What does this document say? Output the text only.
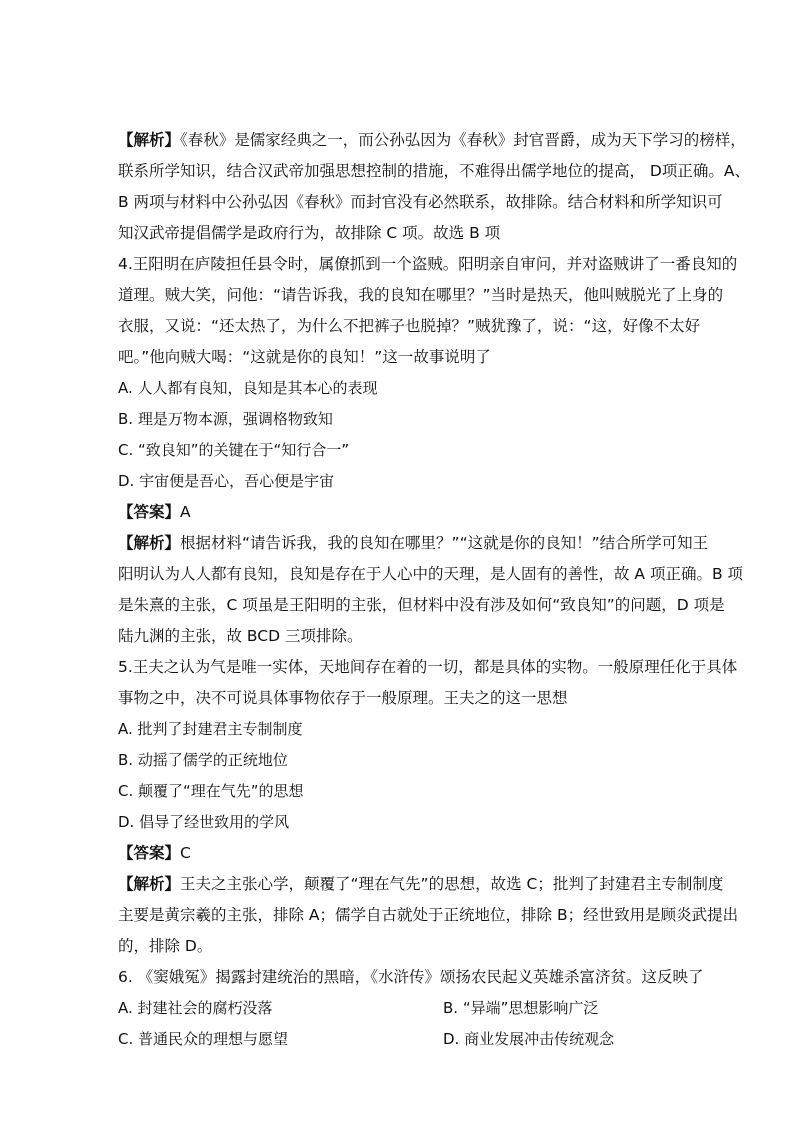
【解析】《春秋》是儒家经典之一，而公孙弘因为《春秋》封官晋爵，成为天下学习的榜样，
联系所学知识，结合汉武帝加强思想控制的措施，不难得出儒学地位的提高， D项正确。A、
B 两项与材料中公孙弘因《春秋》而封官没有必然联系，故排除。结合材料和所学知识可
知汉武帝提倡儒学是政府行为，故排除 C 项。故选 B 项
4.王阳明在庐陵担任县令时，属僚抓到一个盗贼。阳明亲自审问，并对盗贼讲了一番良知的
道理。贼大笑，问他：“请告诉我，我的良知在哪里？”当时是热天，他叫贼脱光了上身的
衣服，又说：“还太热了，为什么不把裤子也脱掉？”贼犹豫了，说：“这，好像不太好
吧。”他向贼大喝：“这就是你的良知！”这一故事说明了
A. 人人都有良知，良知是其本心的表现
B. 理是万物本源，强调格物致知
C. “致良知”的关键在于“知行合一”
D. 宇宙便是吾心，吾心便是宇宙
【答案】A
【解析】根据材料“请告诉我，我的良知在哪里？”“这就是你的良知！”结合所学可知王
阳明认为人人都有良知，良知是存在于人心中的天理，是人固有的善性，故 A 项正确。B 项
是朱熹的主张，C 项虽是王阳明的主张，但材料中没有涉及如何“致良知”的问题，D 项是
陆九渊的主张，故 BCD 三项排除。
5.王夫之认为气是唯一实体，天地间存在着的一切，都是具体的实物。一般原理任化于具体
事物之中，决不可说具体事物依存于一般原理。王夫之的这一思想
A. 批判了封建君主专制制度
B. 动摇了儒学的正统地位
C. 颠覆了“理在气先”的思想
D. 倡导了经世致用的学风
【答案】C
【解析】王夫之主张心学，颠覆了“理在气先”的思想，故选 C；批判了封建君主专制制度
主要是黄宗羲的主张，排除 A；儒学自古就处于正统地位，排除 B；经世致用是顾炎武提出
的，排除 D。
6. 《窦娥冤》揭露封建统治的黑暗，《水浒传》颂扬农民起义英雄杀富济贫。这反映了
A. 封建社会的腐朽没落	B. “异端”思想影响广泛
C. 普通民众的理想与愿望	D. 商业发展冲击传统观念
